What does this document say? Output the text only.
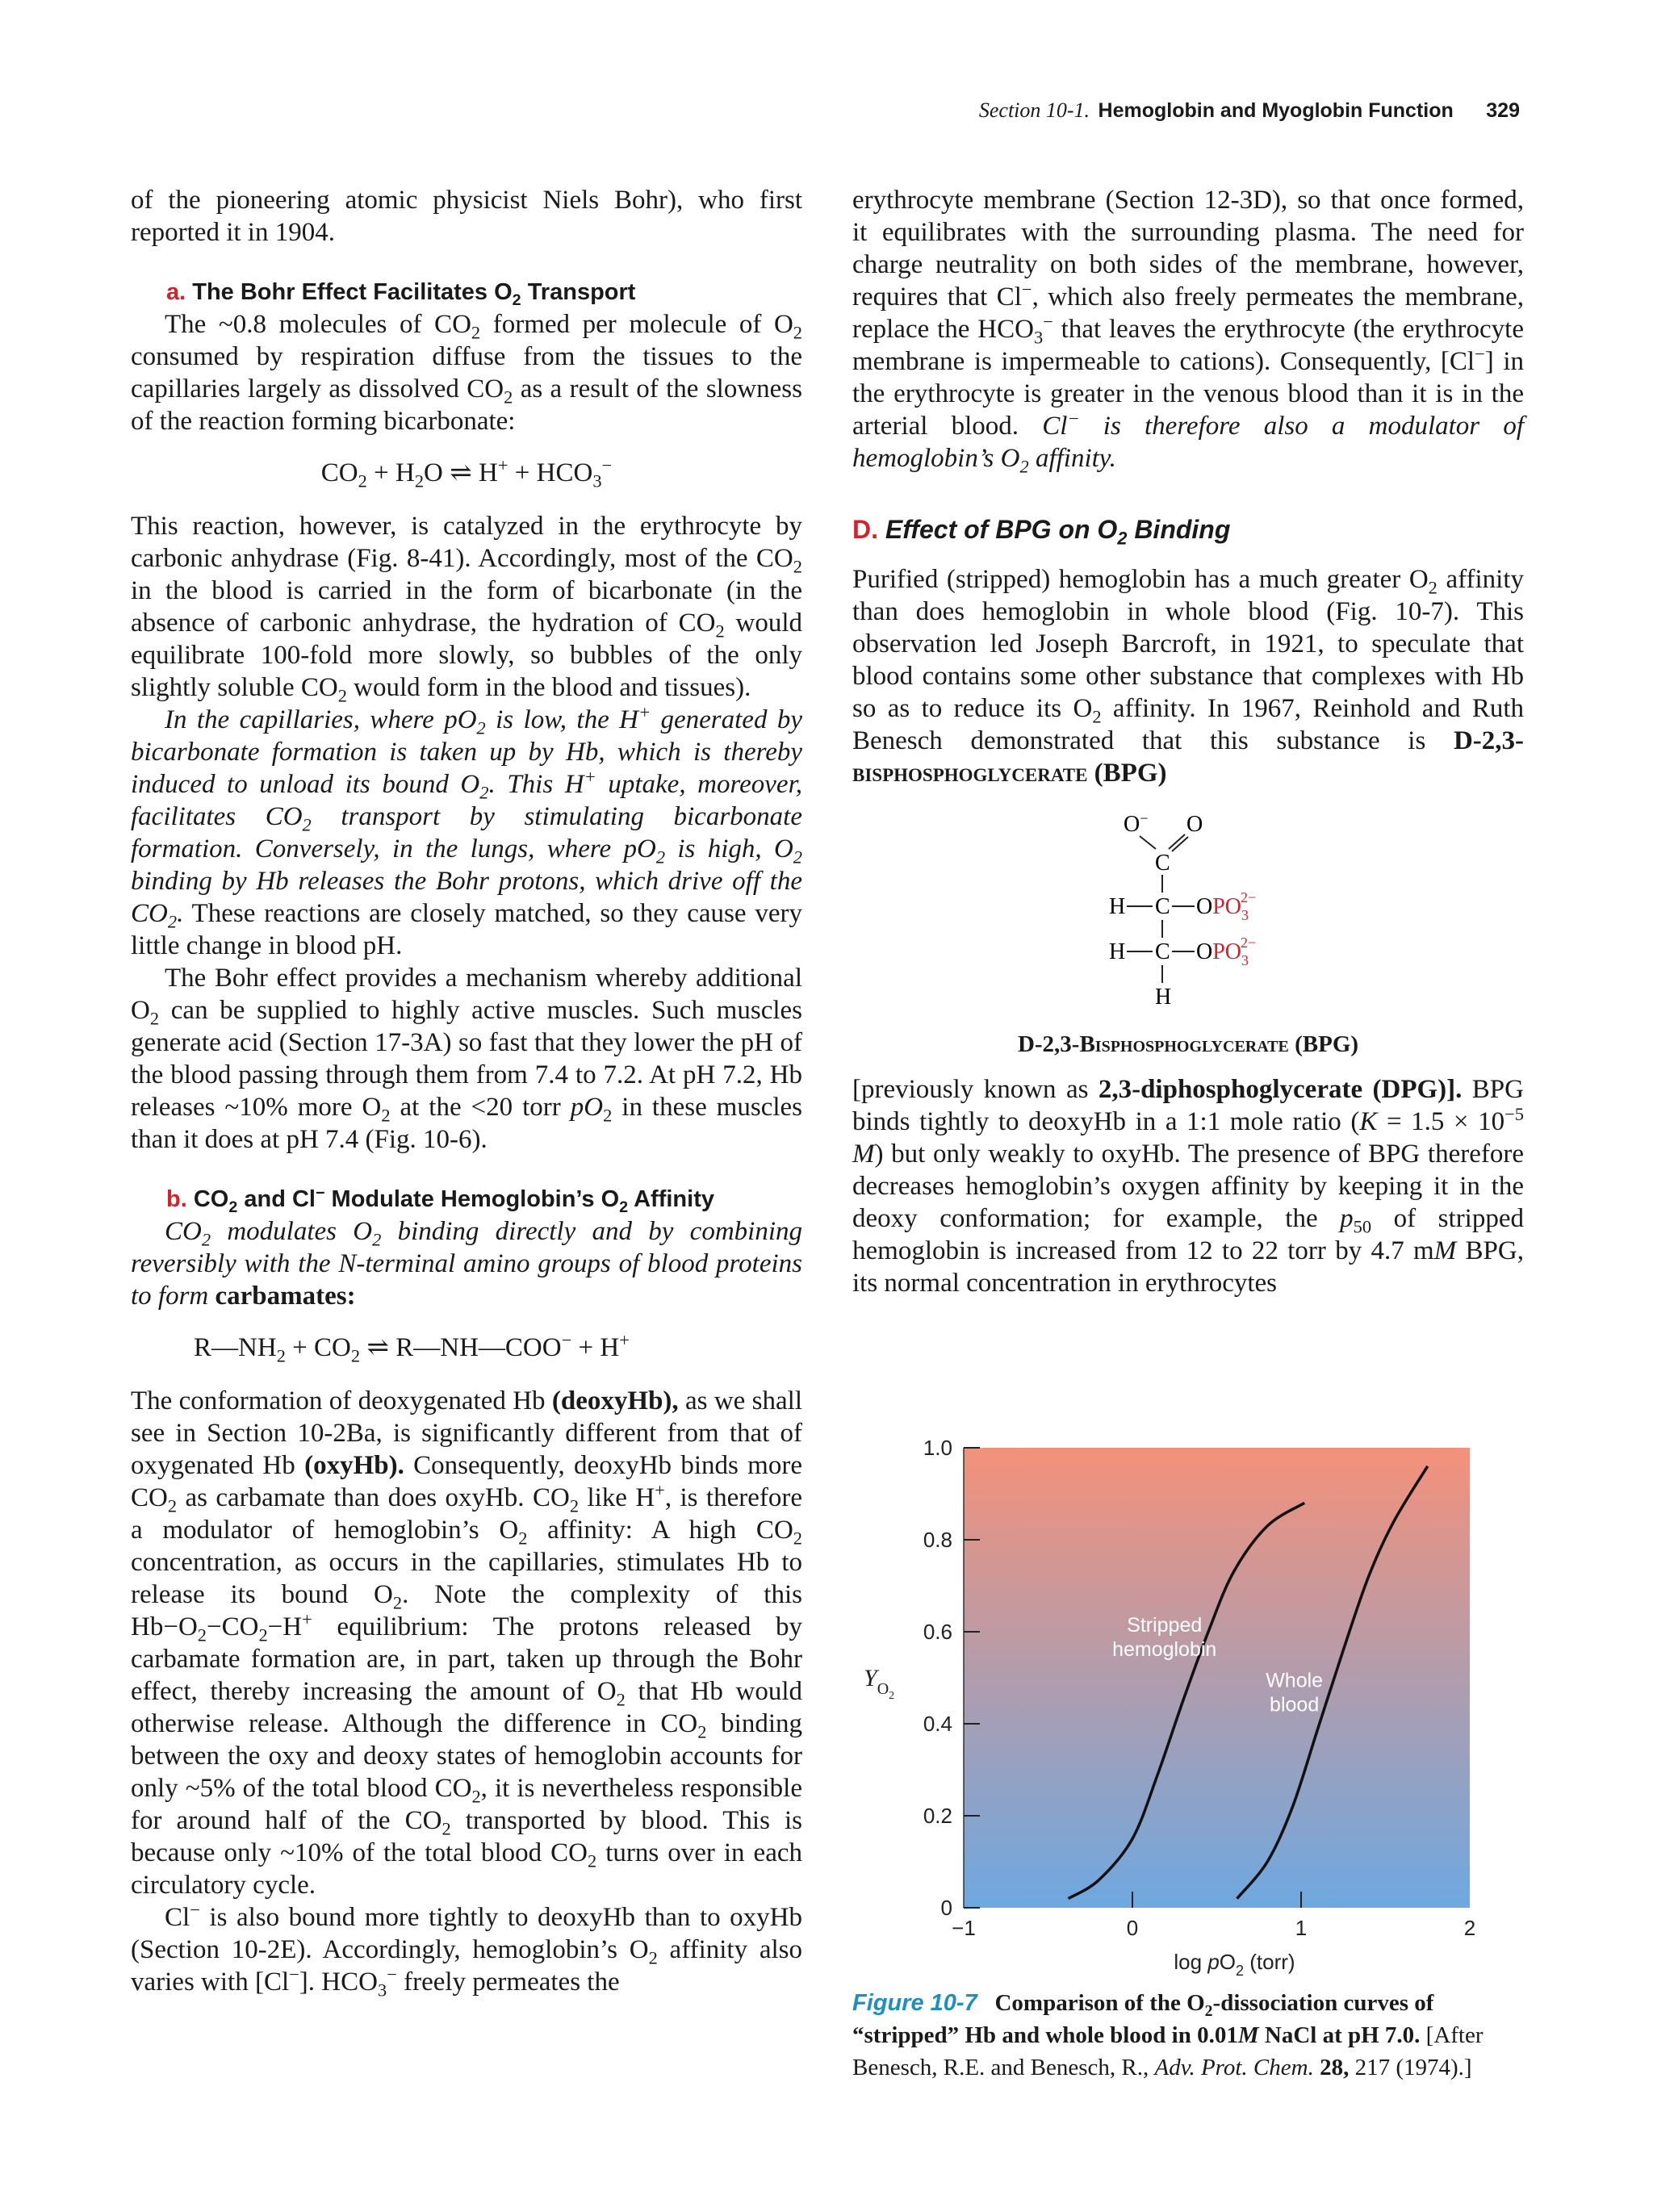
Section 10-1. Hemoglobin and Myoglobin Function 329

of the pioneering atomic physicist Niels Bohr), who first reported it in 1904.

a. The Bohr Effect Facilitates $O_2$ Transport

The ~0.8 molecules of $CO_2$ formed per molecule of $O_2$ consumed by respiration diffuse from the tissues to the capillaries largely as dissolved $CO_2$ as a result of the slowness of the reaction forming bicarbonate:

$CO_2 + H_2O$ ⇌ $H^+ + HCO_3^-$

This reaction, however, is catalyzed in the erythrocyte by carbonic anhydrase (Fig. 8-41). Accordingly, most of the $CO_2$ in the blood is carried in the form of bicarbonate (in the absence of carbonic anhydrase, the hydration of $CO_2$ would equilibrate 100-fold more slowly, so bubbles of the only slightly soluble $CO_2$ would form in the blood and tissues).

In the capillaries, where $pO_2$ is low, the H+ generated by bicarbonate formation is taken up by Hb, which is thereby induced to unload its bound $O_2$. This H+ uptake, moreover, facilitates $CO_2$ transport by stimulating bicarbonate formation. Conversely, in the lungs, where $pO_2$ is high, $O_2$ binding by Hb releases the Bohr protons, which drive off the $CO_2$. These reactions are closely matched, so they cause very little change in blood pH.

The Bohr effect provides a mechanism whereby additional $O_2$ can be supplied to highly active muscles. Such muscles generate acid (Section 17-3A) so fast that they lower the pH of the blood passing through them from 7.4 to 7.2. At pH 7.2, Hb releases ~10% more $O_2$ at the <20 torr $pO_2$ in these muscles than it does at pH 7.4 (Fig. 10-6).

b. $CO_2$ and Cl− Modulate Hemoglobin’s $O_2$ Affinity

$CO_2$ modulates $O_2$ binding directly and by combining reversibly with the N-terminal amino groups of blood proteins to form carbamates:

$R—NH_2 + CO_2$ ⇌ R—NH—COO− + H+

The conformation of deoxygenated Hb (deoxyHb), as we shall see in Section 10-2Ba, is significantly different from that of oxygenated Hb (oxyHb). Consequently, deoxyHb binds more $CO_2$ as carbamate than does oxyHb. $CO_2$ like H+, is therefore a modulator of hemoglobin’s $O_2$ affinity: A high $CO_2$ concentration, as occurs in the capillaries, stimulates Hb to release its bound $O_2$. Note the complexity of this $Hb-O_2-CO_2-H^+$ equilibrium: The protons released by carbamate formation are, in part, taken up through the Bohr effect, thereby increasing the amount of $O_2$ that Hb would otherwise release. Although the difference in $CO_2$ binding between the oxy and deoxy states of hemoglobin accounts for only ~5% of the total blood $CO_2$, it is nevertheless responsible for around half of the $CO_2$ transported by blood. This is because only ~10% of the total blood $CO_2$ turns over in each circulatory cycle.

Cl− is also bound more tightly to deoxyHb than to oxyHb (Section 10-2E). Accordingly, hemoglobin’s $O_2$ affinity also varies with [Cl−]. $HCO_3^-$ freely permeates the

erythrocyte membrane (Section 12-3D), so that once formed, it equilibrates with the surrounding plasma. The need for charge neutrality on both sides of the membrane, however, requires that Cl−, which also freely permeates the membrane, replace the $HCO_3^-$ that leaves the erythrocyte (the erythrocyte membrane is impermeable to cations). Consequently, [Cl−] in the erythrocyte is greater in the venous blood than it is in the arterial blood. Cl− is therefore also a modulator of hemoglobin’s $O_2$ affinity.

D. Effect of BPG on $O_2$ Binding

Purified (stripped) hemoglobin has a much greater $O_2$ affinity than does hemoglobin in whole blood (Fig. 10-7). This observation led Joseph Barcroft, in 1921, to speculate that blood contains some other substance that complexes with Hb so as to reduce its $O_2$ affinity. In 1967, Reinhold and Ruth Benesch demonstrated that this substance is D-2,3-bisphosphoglycerate (BPG)

O− O
C
H C $OPO_32-$
H C $OPO_32-$
H
D-2,3-Bisphosphoglycerate (BPG)

[previously known as 2,3-diphosphoglycerate (DPG)]. BPG binds tightly to deoxyHb in a 1:1 mole ratio ($K = 1.5 \times 10^{-5}$ M) but only weakly to oxyHb. The presence of BPG therefore decreases hemoglobin’s oxygen affinity by keeping it in the deoxy conformation; for example, the $p_{50}$ of stripped hemoglobin is increased from 12 to 22 torr by 4.7 mM BPG, its normal concentration in erythrocytes

0
0.2
0.4
0.6
0.8
1.0
−1	0	1	2
$\log pO_2$ (torr)
$Y_{O2}$
Stripped
hemoglobin
Whole
blood
Figure 10-7 Comparison of the $O_2$-dissociation curves of “stripped” Hb and whole blood in 0.01M NaCl at pH 7.0. [After Benesch, R.E. and Benesch, R., Adv. Prot. Chem. 28, 217 (1974).]
